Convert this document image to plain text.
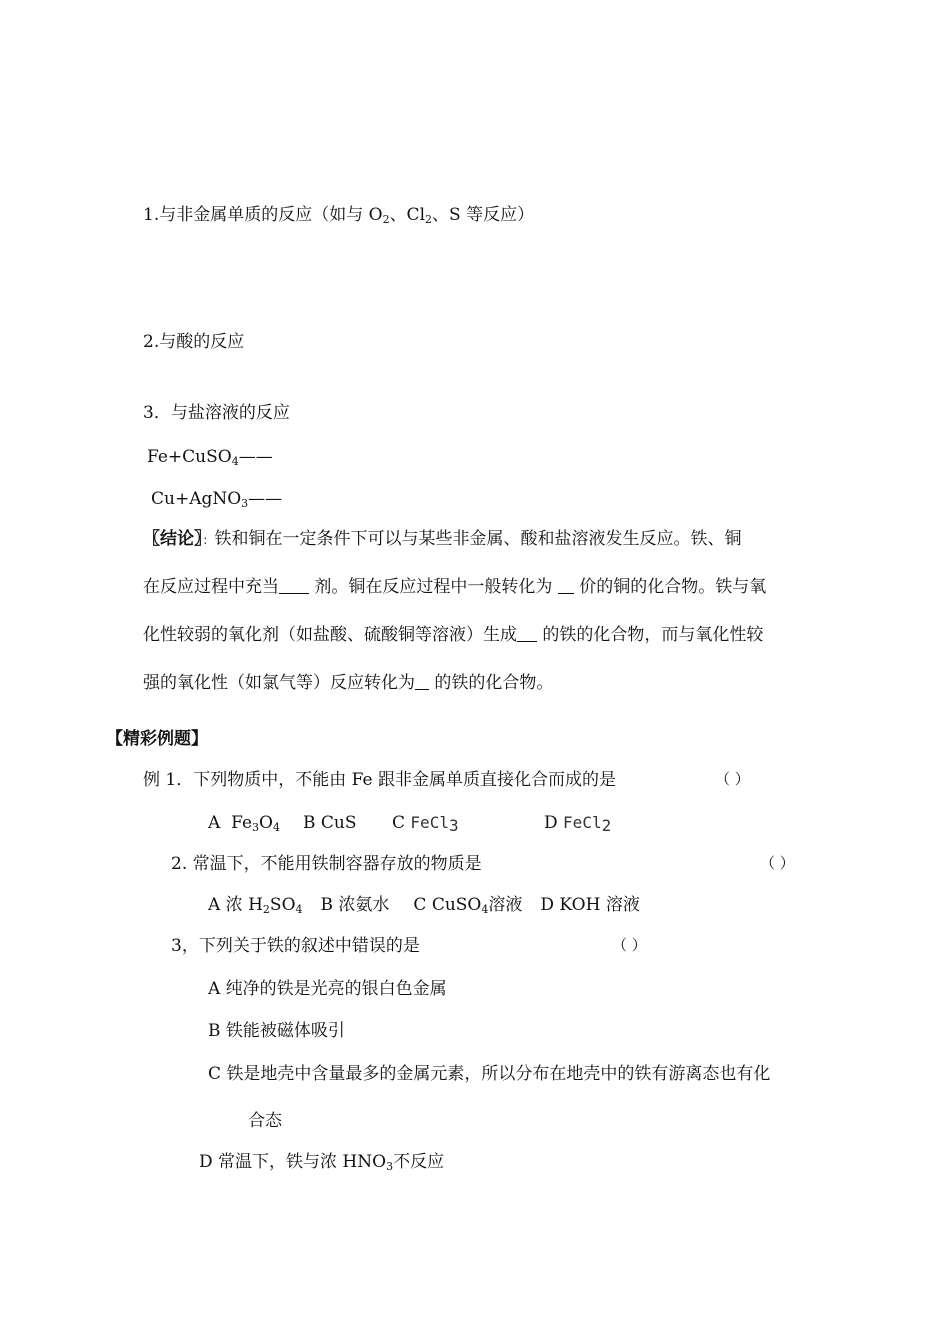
1.与非金属单质的反应（如与 $O_2$、$Cl_2$、S 等反应）
2.与酸的反应
3．与盐溶液的反应
Fe+CuSO$_4$——
Cu+AgNO$_3$——
〖结论〗：铁和铜在一定条件下可以与某些非金属、酸和盐溶液发生反应。铁、铜
在反应过程中充当 剂。铜在反应过程中一般转化为  价的铜的化合物。铁与氧
化性较弱的氧化剂（如盐酸、硫酸铜等溶液）生成 的铁的化合物，而与氧化性较
强的氧化性（如氯气等）反应转化为 的铁的化合物。
【精彩例题】
例 1．下列物质中，不能由 Fe 跟非金属单质直接化合而成的是	（ ）
A $Fe_3O_4$ B CuS C FeCl3	D FeCl2
2. 常温下，不能用铁制容器存放的物质是	（ ）
A 浓 $H_2SO_4$ B 浓氨水 C CuSO$_4$溶液 D KOH 溶液
3，下列关于铁的叙述中错误的是	（ ）
A 纯净的铁是光亮的银白色金属
B 铁能被磁体吸引
C 铁是地壳中含量最多的金属元素，所以分布在地壳中的铁有游离态也有化
合态
D 常温下，铁与浓 $HNO_3$不反应
